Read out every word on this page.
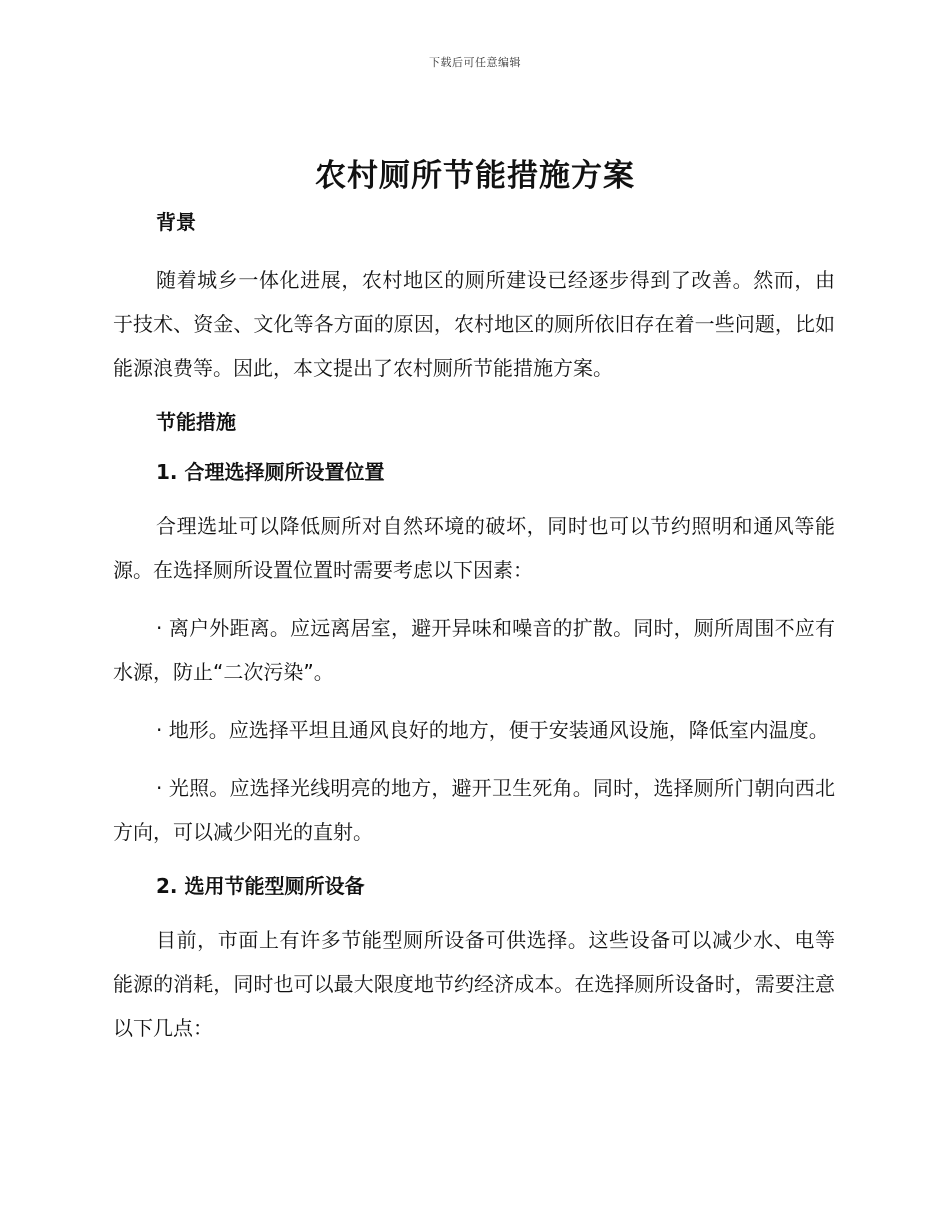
下载后可任意编辑
农村厕所节能措施方案

背景

随着城乡一体化进展，农村地区的厕所建设已经逐步得到了改善。然而，由于技术、资金、文化等各方面的原因，农村地区的厕所依旧存在着一些问题，比如能源浪费等。因此，本文提出了农村厕所节能措施方案。

节能措施

1. 合理选择厕所设置位置

合理选址可以降低厕所对自然环境的破坏，同时也可以节约照明和通风等能源。在选择厕所设置位置时需要考虑以下因素：

· 离户外距离。应远离居室，避开异味和噪音的扩散。同时，厕所周围不应有水源，防止“二次污染”。

· 地形。应选择平坦且通风良好的地方，便于安装通风设施，降低室内温度。

· 光照。应选择光线明亮的地方，避开卫生死角。同时，选择厕所门朝向西北方向，可以减少阳光的直射。

2. 选用节能型厕所设备

目前，市面上有许多节能型厕所设备可供选择。这些设备可以减少水、电等能源的消耗，同时也可以最大限度地节约经济成本。在选择厕所设备时，需要注意以下几点：
